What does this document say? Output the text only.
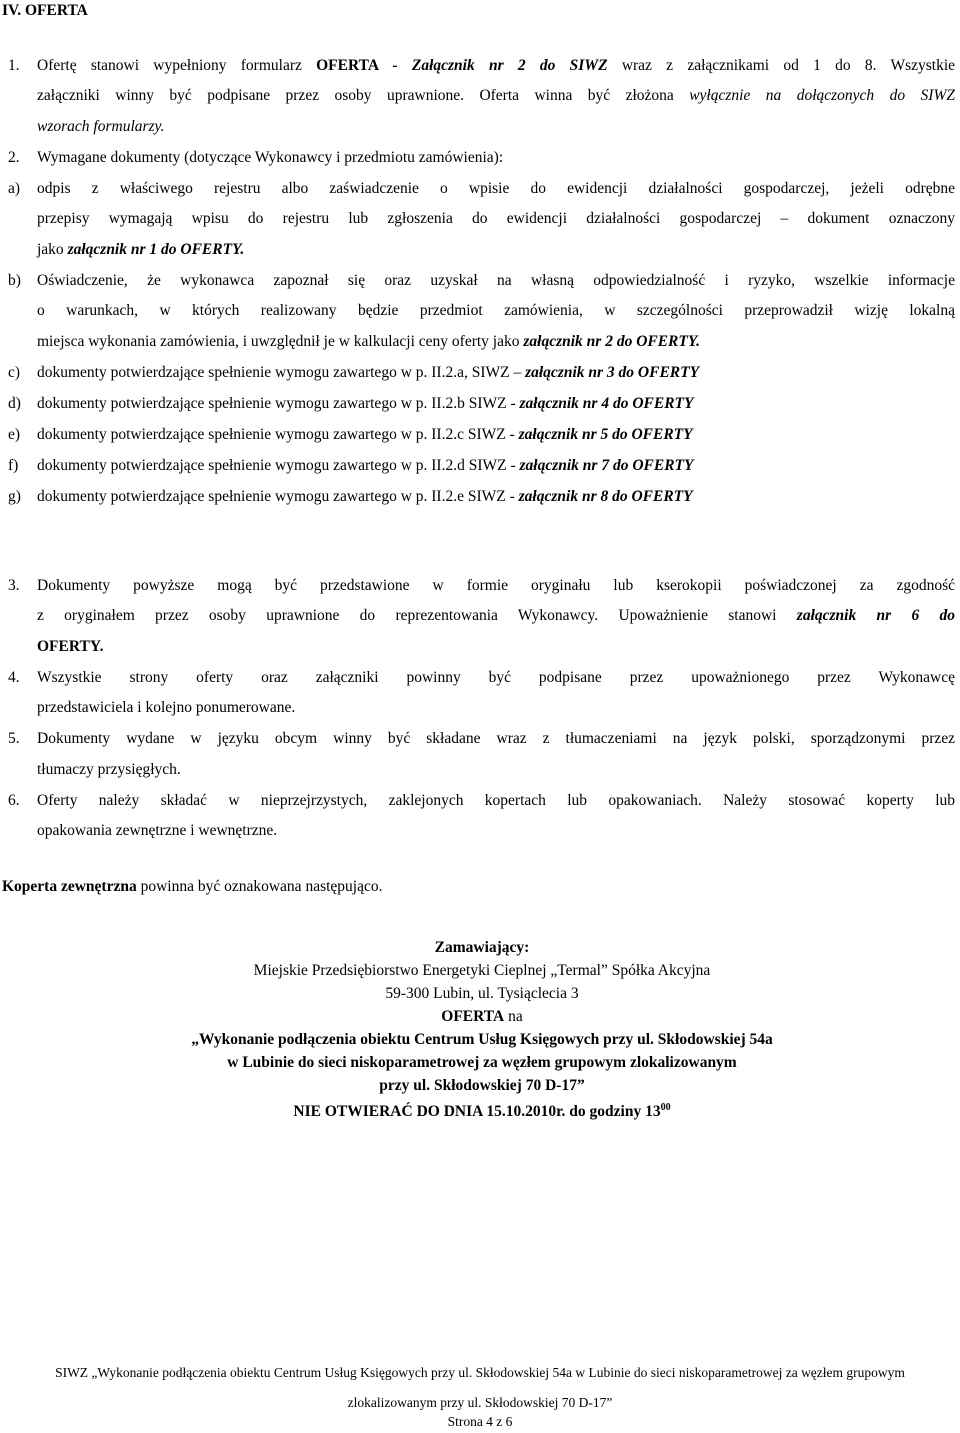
IV. OFERTA
1. Ofertę stanowi wypełniony formularz OFERTA - Załącznik nr 2 do SIWZ wraz z załącznikami od 1 do 8. Wszystkie
załączniki winny być podpisane przez osoby uprawnione. Oferta winna być złożona wyłącznie na dołączonych do SIWZ
wzorach formularzy.
2. Wymagane dokumenty (dotyczące Wykonawcy i przedmiotu zamówienia):
a) odpis z właściwego rejestru albo zaświadczenie o wpisie do ewidencji działalności gospodarczej, jeżeli odrębne
przepisy wymagają wpisu do rejestru lub zgłoszenia do ewidencji działalności gospodarczej – dokument oznaczony
jako załącznik nr 1 do OFERTY.
b) Oświadczenie, że wykonawca zapoznał się oraz uzyskał na własną odpowiedzialność i ryzyko, wszelkie informacje
o warunkach, w których realizowany będzie przedmiot zamówienia, w szczególności przeprowadził wizję lokalną
miejsca wykonania zamówienia, i uwzględnił je w kalkulacji ceny oferty jako załącznik nr 2 do OFERTY.
c) dokumenty potwierdzające spełnienie wymogu zawartego w p. II.2.a, SIWZ – załącznik nr 3 do OFERTY
d) dokumenty potwierdzające spełnienie wymogu zawartego w p. II.2.b SIWZ - załącznik nr 4 do OFERTY
e) dokumenty potwierdzające spełnienie wymogu zawartego w p. II.2.c SIWZ - załącznik nr 5 do OFERTY
f) dokumenty potwierdzające spełnienie wymogu zawartego w p. II.2.d SIWZ - załącznik nr 7 do OFERTY
g) dokumenty potwierdzające spełnienie wymogu zawartego w p. II.2.e SIWZ - załącznik nr 8 do OFERTY
3. Dokumenty powyższe mogą być przedstawione w formie oryginału lub kserokopii poświadczonej za zgodność
z oryginałem przez osoby uprawnione do reprezentowania Wykonawcy. Upoważnienie stanowi załącznik nr 6 do
OFERTY.
4. Wszystkie strony oferty oraz załączniki powinny być podpisane przez upoważnionego przez Wykonawcę
przedstawiciela i kolejno ponumerowane.
5. Dokumenty wydane w języku obcym winny być składane wraz z tłumaczeniami na język polski, sporządzonymi przez
tłumaczy przysięgłych.
6. Oferty należy składać w nieprzejrzystych, zaklejonych kopertach lub opakowaniach. Należy stosować koperty lub
opakowania zewnętrzne i wewnętrzne.
Koperta zewnętrzna powinna być oznakowana następująco.
Zamawiający:
Miejskie Przedsiębiorstwo Energetyki Cieplnej „Termal” Spółka Akcyjna
59-300 Lubin, ul. Tysiąclecia 3
OFERTA na
„Wykonanie podłączenia obiektu Centrum Usług Księgowych przy ul. Skłodowskiej 54a
w Lubinie do sieci niskoparametrowej za węzłem grupowym zlokalizowanym
przy ul. Skłodowskiej 70 D-17”
NIE OTWIERAĆ DO DNIA 15.10.2010r. do godziny $13^{00}$
SIWZ „Wykonanie podłączenia obiektu Centrum Usług Księgowych przy ul. Skłodowskiej 54a w Lubinie do sieci niskoparametrowej za węzłem grupowym
zlokalizowanym przy ul. Skłodowskiej 70 D-17”
Strona 4 z 6
